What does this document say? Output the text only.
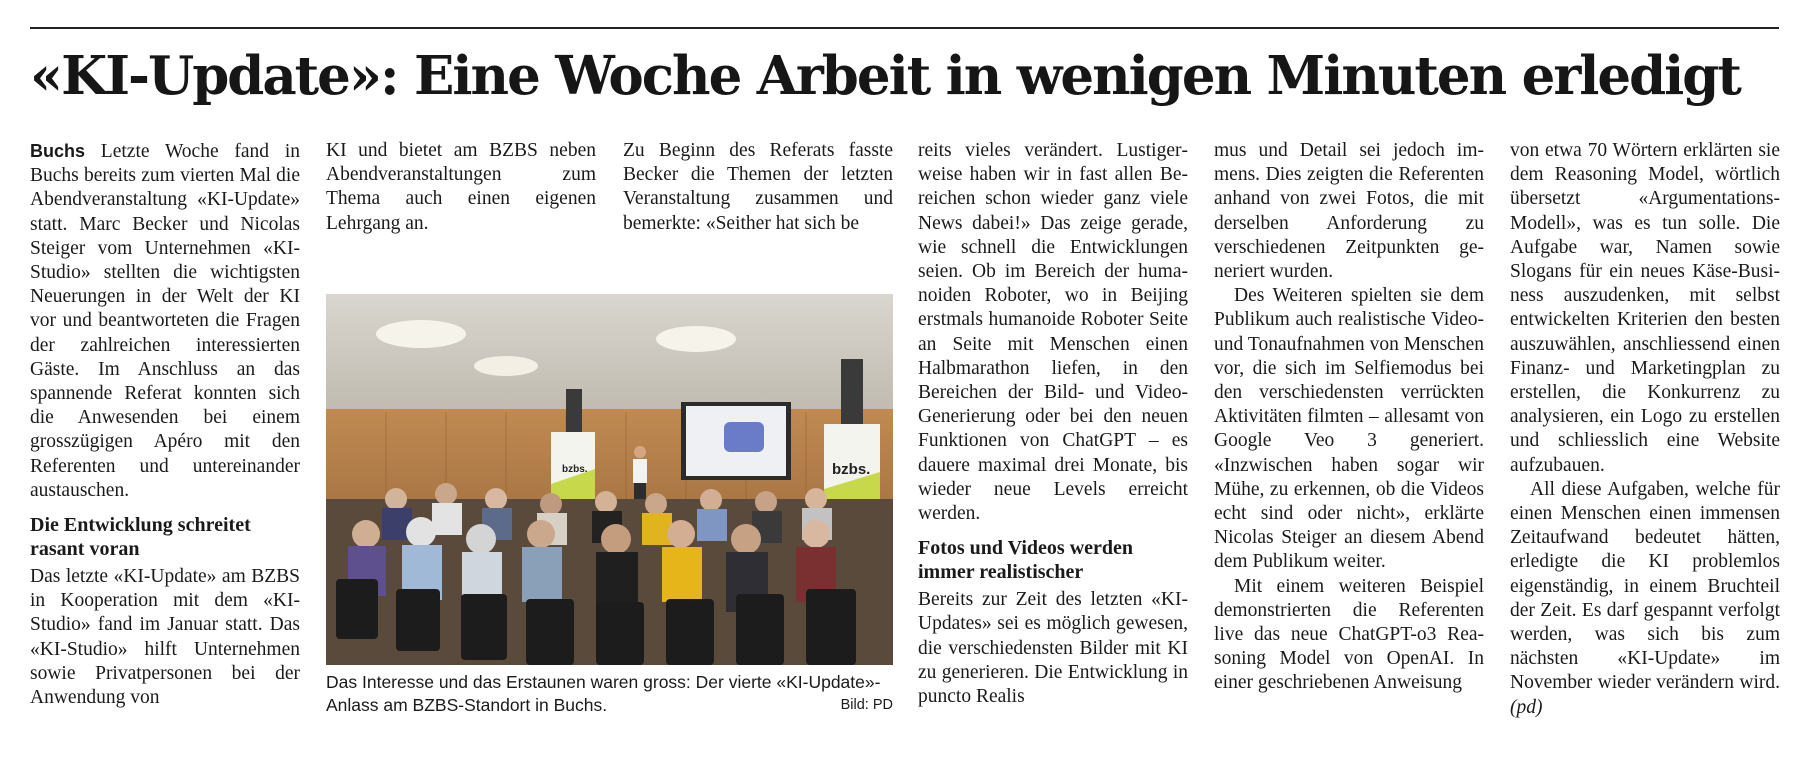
«KI-Update»: Eine Woche Arbeit in wenigen Minuten erledigt

Buchs Letzte Woche fand in Buchs bereits zum vierten Mal die Abendveranstaltung «KI-Update» statt. Marc Becker und Nicolas Steiger vom Unternehmen «KI-Studio» stellten die wichtigsten Neuerungen in der Welt der KI vor und beantworteten die Fragen der zahlreichen interessierten Gäste. Im Anschluss an das spannende Referat konnten sich die Anwesenden bei einem grosszügigen Apéro mit den Referenten und untereinander austauschen.

Die Entwicklung schreitet rasant voran

Das letzte «KI-Update» am BZBS in Kooperation mit dem «KI-Studio» fand im Januar statt. Das «KI-Studio» hilft Unternehmen sowie Privatpersonen bei der Anwendung von

KI und bietet am BZBS neben Abendveranstaltungen zum Thema auch einen eigenen Lehrgang an.

Zu Beginn des Referats fasste Becker die Themen der letzten Veranstaltung zusammen und bemerkte: «Seither hat sich be

reits vieles verändert. Lustigerweise haben wir in fast allen Bereichen schon wieder ganz viele News dabei!» Das zeige gerade, wie schnell die Entwicklungen seien. Ob im Bereich der humanoiden Roboter, wo in Beijing erstmals humanoide Roboter Seite an Seite mit Menschen einen Halbmarathon liefen, in den Bereichen der Bild- und Video-Generierung oder bei den neuen Funktionen von ChatGPT – es dauere maximal drei Monate, bis wieder neue Levels erreicht werden.

Fotos und Videos werden immer realistischer

Bereits zur Zeit des letzten «KI-Updates» sei es möglich gewesen, die verschiedensten Bilder mit KI zu generieren. Die Entwicklung in puncto Realis

mus und Detail sei jedoch immens. Dies zeigten die Referenten anhand von zwei Fotos, die mit derselben Anforderung zu verschiedenen Zeitpunkten generiert wurden.

Des Weiteren spielten sie dem Publikum auch realistische Video- und Tonaufnahmen von Menschen vor, die sich im Selfiemodus bei den verschiedensten verrückten Aktivitäten filmten – allesamt von Google Veo 3 generiert. «Inzwischen haben sogar wir Mühe, zu erkennen, ob die Videos echt sind oder nicht», erklärte Nicolas Steiger an diesem Abend dem Publikum weiter.

Mit einem weiteren Beispiel demonstrierten die Referenten live das neue ChatGPT-o3 Reasoning Model von OpenAI. In einer geschriebenen Anweisung

von etwa 70 Wörtern erklärten sie dem Reasoning Model, wörtlich übersetzt «Argumentations-Modell», was es tun solle. Die Aufgabe war, Namen sowie Slogans für ein neues Käse-Business auszudenken, mit selbst entwickelten Kriterien den besten auszuwählen, anschliessend einen Finanz- und Marketingplan zu erstellen, die Konkurrenz zu analysieren, ein Logo zu erstellen und schliesslich eine Website aufzubauen.

All diese Aufgaben, welche für einen Menschen einen immensen Zeitaufwand bedeutet hätten, erledigte die KI problemlos eigenständig, in einem Bruchteil der Zeit. Es darf gespannt verfolgt werden, was sich bis zum nächsten «KI-Update» im November wieder verändern wird. (pd)

bzbs.	bzbs.
Das Interesse und das Erstaunen waren gross: Der vierte «KI-Update»-Anlass am BZBS-Standort in Buchs.	Bild: PD
